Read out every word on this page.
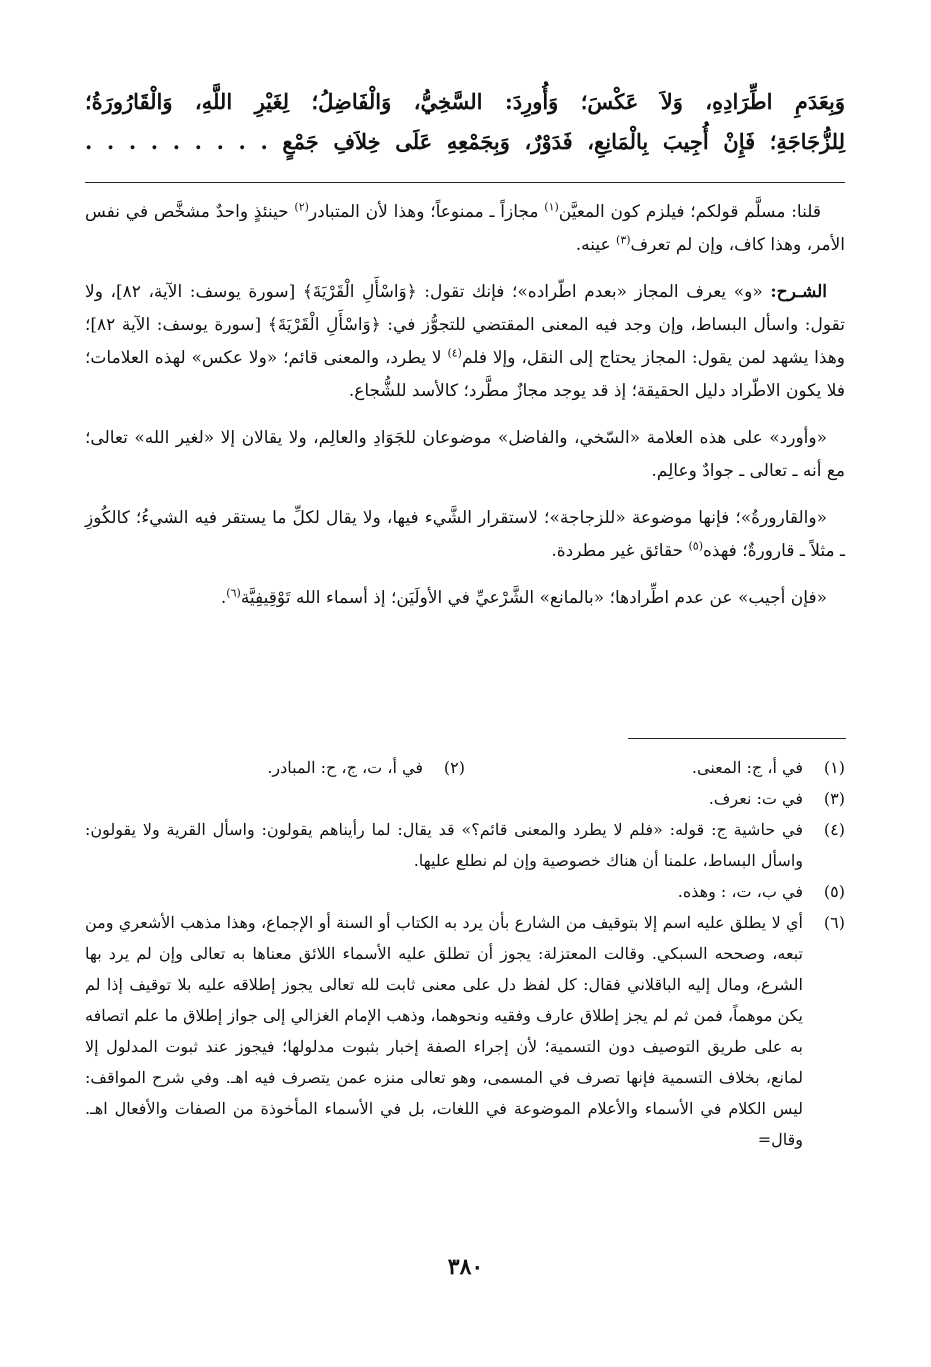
وَبِعَدَمِ اطِّرَادِهِ، وَلاَ عَكْسَ؛ وَأُورِدَ: السَّخِيُّ، وَالْفَاضِلُ؛ لِغَيْرِ اللَّهِ، وَالْقَارُورَةُ؛
لِلزُّجَاجَةِ؛ فَإِنْ أُجِيبَ بِالْمَانِعِ، فَدَوْرٌ، وَبِجَمْعِهِ عَلَى خِلاَفِ جَمْعٍ . . . . . . . . .

قلنا: مسلَّم قولكم؛ فيلزم كون المعيَّن$^{(١)}$ مجازاً ـ ممنوعاً؛ وهذا لأن المتبادر$^{(٢)}$ حينئذٍ واحدٌ مشخَّص في نفس الأمر، وهذا كاف، وإن لم تعرف$^{(٣)}$ عينه.

الشـرح: «و» يعرف المجاز «بعدم اطّراده»؛ فإنك تقول: ﴿وَاسْأَلِ الْقَرْيَةَ﴾ [سورة يوسف: الآية، ٨٢]، ولا تقول: واسأل البساط، وإن وجد فيه المعنى المقتضي للتجوُّز في: ﴿وَاسْأَلِ الْقَرْيَةَ﴾ [سورة يوسف: الآية ٨٢]؛ وهذا يشهد لمن يقول: المجاز يحتاج إلى النقل، وإلا فلم$^{(٤)}$ لا يطرد، والمعنى قائم؛ «ولا عكس» لهذه العلامات؛ فلا يكون الاطّراد دليل الحقيقة؛ إذ قد يوجد مجازٌ مطَّرد؛ كالأسد للشُّجاع.

«وأورد» على هذه العلامة «السّخي، والفاضل» موضوعان للجَوَادِ والعالِم، ولا يقالان إلا «لغير الله» تعالى؛ مع أنه ـ تعالى ـ جوادٌ وعالِم.

«والقارورةُ»؛ فإنها موضوعة «للزجاجة»؛ لاستقرار الشَّيء فيها، ولا يقال لكلِّ ما يستقر فيه الشيءُ؛ كالكُوزِ ـ مثلاً ـ قارورةٌ؛ فهذه$^{(٥)}$ حقائق غير مطردة.

«فإن أجيب» عن عدم اطِّرادها؛ «بالمانع» الشَّرْعيِّ في الأولَيَن؛ إذ أسماء الله تَوْقِيفِيَّة$^{(٦)}$.

(١)
في أ، ج: المعنى.
(٢)
في أ، ت، ج، ح: المبادر.
(٣)
في ت: نعرف.
(٤)
في حاشية ج: قوله: «فلم لا يطرد والمعنى قائم؟» قد يقال: لما رأيناهم يقولون: واسأل القرية ولا يقولون: واسأل البساط، علمنا أن هناك خصوصية وإن لم نطلع عليها.
(٥)
في ب، ت، : وهذه.
(٦)
أي لا يطلق عليه اسم إلا بتوقيف من الشارع بأن يرد به الكتاب أو السنة أو الإجماع، وهذا مذهب الأشعري ومن تبعه، وصححه السبكي. وقالت المعتزلة: يجوز أن تطلق عليه الأسماء اللائق معناها به تعالى وإن لم يرد بها الشرع، ومال إليه الباقلاني فقال: كل لفظ دل على معنى ثابت لله تعالى يجوز إطلاقه عليه بلا توقيف إذا لم يكن موهماً، فمن ثم لم يجز إطلاق عارف وفقيه ونحوهما، وذهب الإمام الغزالي إلى جواز إطلاق ما علم اتصافه به على طريق التوصيف دون التسمية؛ لأن إجراء الصفة إخبار بثبوت مدلولها؛ فيجوز عند ثبوت المدلول إلا لمانع، بخلاف التسمية فإنها تصرف في المسمى، وهو تعالى منزه عمن يتصرف فيه اهـ. وفي شرح المواقف: ليس الكلام في الأسماء والأعلام الموضوعة في اللغات، بل في الأسماء المأخوذة من الصفات والأفعال اهـ. وقال=
٣٨٠
